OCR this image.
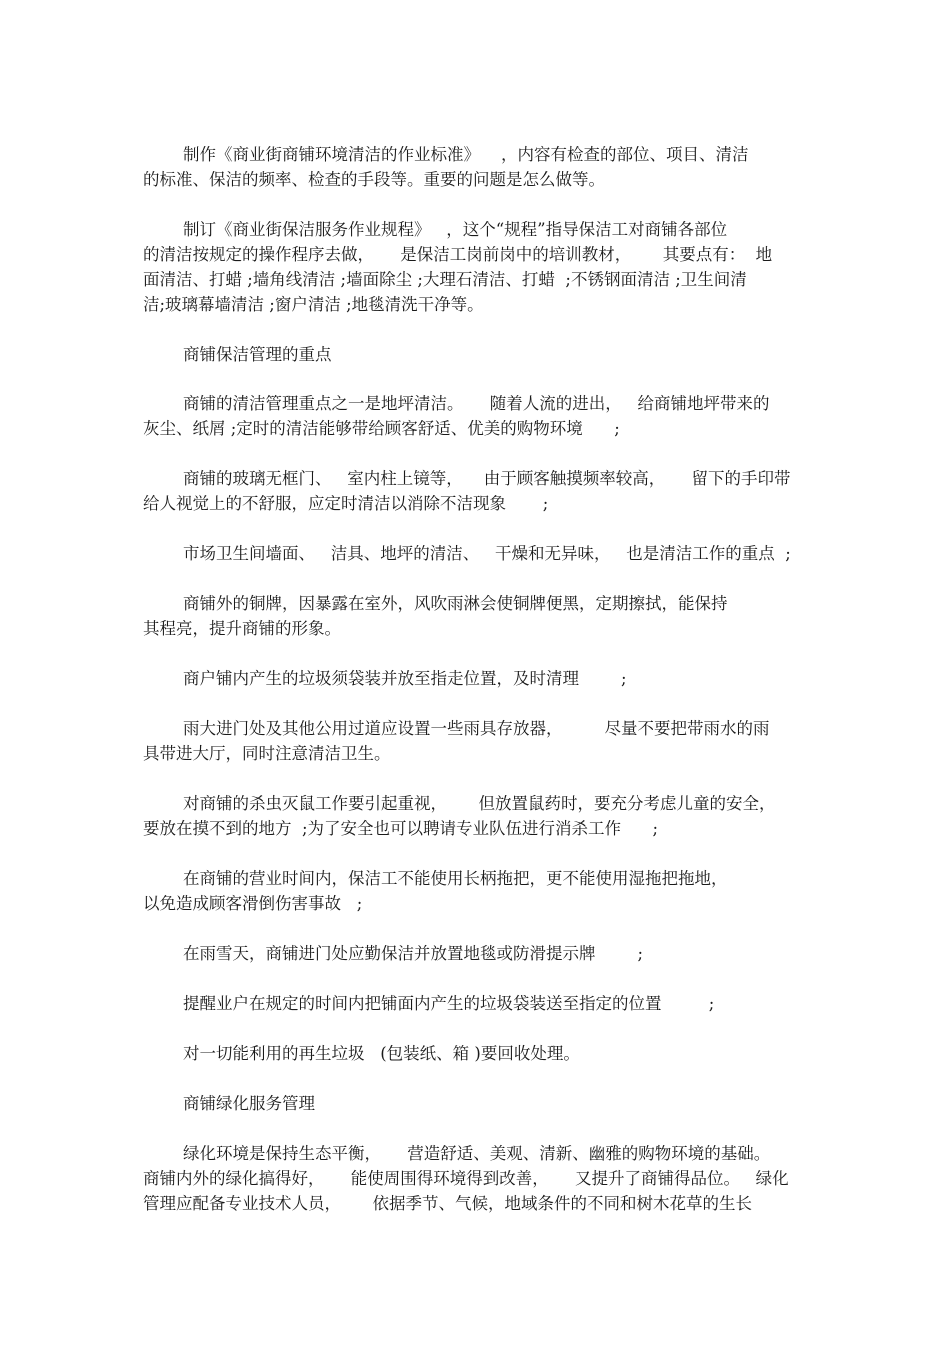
制作《商业街商铺环境清洁的作业标准》    ，内容有检查的部位、项目、清洁
的标准、保洁的频率、检查的手段等。重要的问题是怎么做等。
制订《商业街保洁服务作业规程》   ，这个“规程”指导保洁工对商铺各部位
的清洁按规定的操作程序去做，     是保洁工岗前岗中的培训教材，      其要点有：  地
面清洁、打蜡 ;墙角线清洁 ;墙面除尘 ;大理石清洁、打蜡  ;不锈钢面清洁 ;卫生间清
洁;玻璃幕墙清洁 ;窗户清洁 ;地毯清洗干净等。
商铺保洁管理的重点
商铺的清洁管理重点之一是地坪清洁。     随着人流的进出，   给商铺地坪带来的
灰尘、纸屑 ;定时的清洁能够带给顾客舒适、优美的购物环境      ;
商铺的玻璃无框门、   室内柱上镜等，    由于顾客触摸频率较高，     留下的手印带
给人视觉上的不舒服，应定时清洁以消除不洁现象       ;
市场卫生间墙面、   洁具、地坪的清洁、   干燥和无异味，   也是清洁工作的重点  ;
商铺外的铜牌，因暴露在室外，风吹雨淋会使铜牌便黑，定期擦拭，能保持
其程亮，提升商铺的形象。
商户铺内产生的垃圾须袋装并放至指走位置，及时清理        ;
雨大进门处及其他公用过道应设置一些雨具存放器，        尽量不要把带雨水的雨
具带进大厅，同时注意清洁卫生。
对商铺的杀虫灭鼠工作要引起重视，      但放置鼠药时，要充分考虑儿童的安全，
要放在摸不到的地方  ;为了安全也可以聘请专业队伍进行消杀工作      ;
在商铺的营业时间内，保洁工不能使用长柄拖把，更不能使用湿拖把拖地，
以免造成顾客滑倒伤害事故   ;
在雨雪天，商铺进门处应勤保洁并放置地毯或防滑提示牌        ;
提醒业户在规定的时间内把铺面内产生的垃圾袋装送至指定的位置         ;
对一切能利用的再生垃圾   (包装纸、箱 )要回收处理。
商铺绿化服务管理
绿化环境是保持生态平衡，     营造舒适、美观、清新、幽雅的购物环境的基础。
商铺内外的绿化搞得好，     能使周围得环境得到改善，     又提升了商铺得品位。   绿化
管理应配备专业技术人员，      依据季节、气候，地域条件的不同和树木花草的生长
